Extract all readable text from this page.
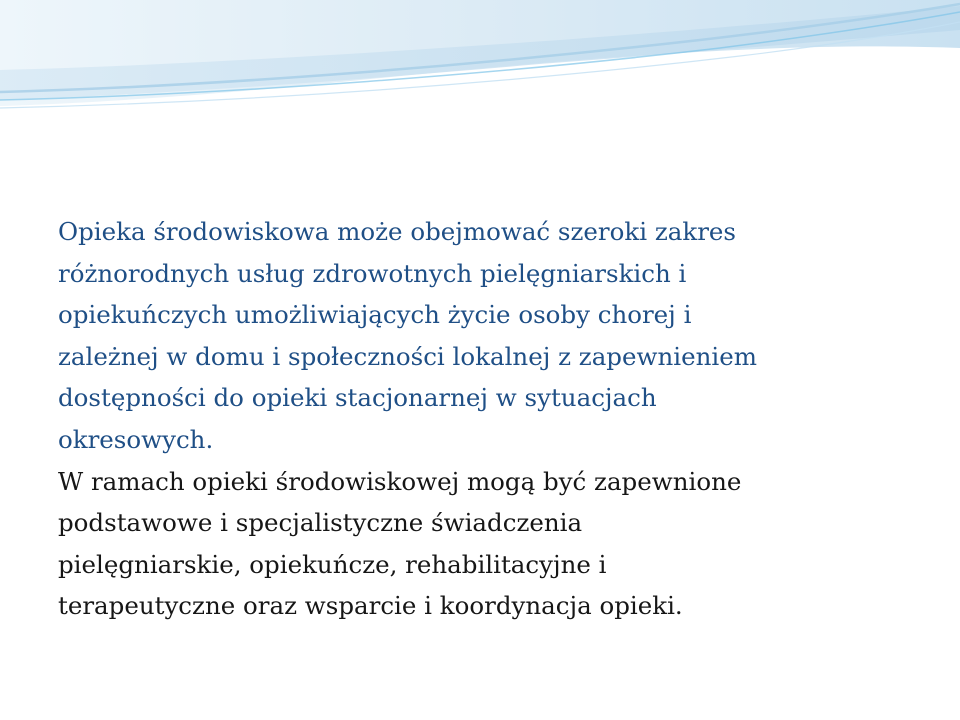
Opieka środowiskowa może obejmować szeroki zakres
różnorodnych usług zdrowotnych pielęgniarskich i
opiekuńczych umożliwiających życie osoby chorej i
zależnej w domu i społeczności lokalnej z zapewnieniem
dostępności do opieki stacjonarnej w sytuacjach
okresowych.

W ramach opieki środowiskowej mogą być zapewnione
podstawowe i specjalistyczne świadczenia
pielęgniarskie, opiekuńcze, rehabilitacyjne i
terapeutyczne oraz wsparcie i koordynacja opieki.
